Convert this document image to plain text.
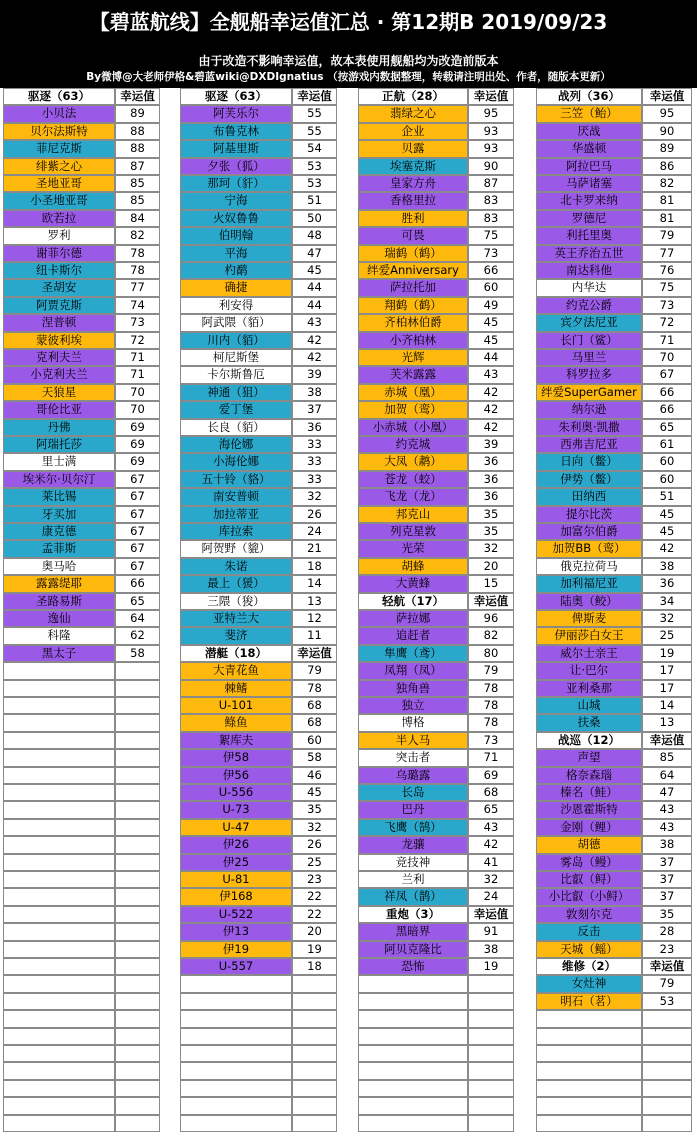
【碧蓝航线】全舰船幸运值汇总 · 第12期B 2019/09/23
由于改造不影响幸运值，故本表使用舰船均为改造前版本
By微博@大老师伊格&碧蓝wiki@DXDIgnatius （按游戏内数据整理，转载请注明出处、作者，随版本更新）
驱逐（63）	幸运值
小贝法	89
贝尔法斯特	88
菲尼克斯	88
绯紫之心	87
圣地亚哥	85
小圣地亚哥	85
欧若拉	84
罗利	82
谢菲尔德	78
纽卡斯尔	78
圣胡安	77
阿贾克斯	74
涅普顿	73
蒙彼利埃	72
克利夫兰	71
小克利夫兰	71
天狼星	70
哥伦比亚	70
丹佛	69
阿瑞托莎	69
里士满	69
埃米尔·贝尔汀	67
莱比锡	67
牙买加	67
康克德	67
孟菲斯	67
奥马哈	67
露露缇耶	66
圣路易斯	65
逸仙	64
科隆	62
黑太子	58
驱逐（63）	幸运值
阿芙乐尔	55
布鲁克林	55
阿基里斯	54
夕张（狐）	53
那珂（豻）	53
宁海	51
火奴鲁鲁	50
伯明翰	48
平海	47
杓鹬	45
确捷	44
利安得	44
阿武隈（貊）	43
川内（貊）	42
柯尼斯堡	42
卡尔斯鲁厄	39
神通（狙）	38
爱丁堡	37
长良（貊）	36
海伦娜	33
小海伦娜	33
五十铃（貉）	33
南安普顿	32
加拉蒂亚	26
库拉索	24
阿贺野（貔）	21
朱诺	18
最上（猨）	14
三隈（狻）	13
亚特兰大	12
斐济	11
潜艇（18）	幸运值
大青花鱼	79
棘鳍	78
U-101	68
鲦鱼	68
絮库夫	60
伊58	58
伊56	46
U-556	45
U-73	35
U-47	32
伊26	26
伊25	25
U-81	23
伊168	22
U-522	22
伊13	20
伊19	19
U-557	18
正航（28）	幸运值
翡绿之心	95
企业	93
贝露	93
埃塞克斯	90
皇家方舟	87
香格里拉	83
胜利	83
可畏	75
瑞鹤（鹤）	73
绊爱Anniversary	66
萨拉托加	60
翔鹤（鹤）	49
齐柏林伯爵	45
小齐柏林	45
光辉	44
芙米露露	43
赤城（凰）	42
加贺（鸾）	42
小赤城（小凰）	42
约克城	39
大凤（鹔）	36
苍龙（蛟）	36
飞龙（龙）	36
邦克山	35
列克星敦	35
光荣	32
胡蜂	20
大黄蜂	15
轻航（17）	幸运值
萨拉娜	96
追赶者	82
隼鹰（鸢）	80
凤翔（凤）	79
独角兽	78
独立	78
博格	78
半人马	73
突击者	71
乌璐露	69
长岛	68
巴丹	65
飞鹰（鹄）	43
龙骧	42
竞技神	41
兰利	32
祥凤（鹊）	24
重炮（3）	幸运值
黑暗界	91
阿贝克隆比	38
恐怖	19
战列（36）	幸运值
三笠（鲐）	95
厌战	90
华盛顿	89
阿拉巴马	86
马萨诸塞	82
北卡罗来纳	81
罗德尼	81
利托里奥	79
英王乔治五世	77
南达科他	76
内华达	75
约克公爵	73
宾夕法尼亚	72
长门（鲨）	71
马里兰	70
科罗拉多	67
绊爱SuperGamer	66
纳尔逊	66
朱利奥·凯撒	65
西弗吉尼亚	61
日向（鳖）	60
伊势（鳖）	60
田纳西	51
提尔比茨	45
加富尔伯爵	45
加贺BB（鸾）	42
俄克拉荷马	38
加利福尼亚	36
陆奥（鲛）	34
俾斯麦	32
伊丽莎白女王	25
威尔士亲王	19
让·巴尔	17
亚利桑那	17
山城	14
扶桑	13
战巡（12）	幸运值
声望	85
格奈森瑙	64
榛名（鲑）	47
沙恩霍斯特	43
金刚（鲤）	43
胡德	38
雾岛（鳗）	37
比叡（鲟）	37
小比叡（小鲟）	37
敦刻尔克	35
反击	28
天城（鳐）	23
维修（2）	幸运值
女灶神	79
明石（茗）	53
